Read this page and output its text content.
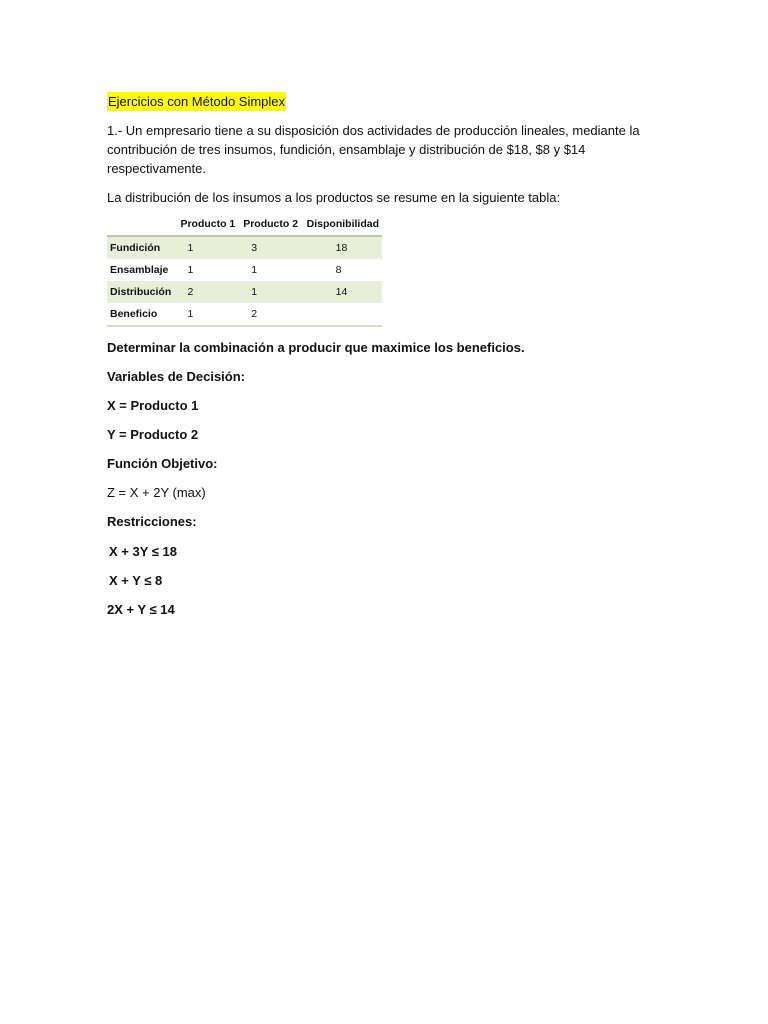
Ejercicios con Método Simplex

1.- Un empresario tiene a su disposición dos actividades de producción lineales, mediante la contribución de tres insumos, fundición, ensamblaje y distribución de $18, $8 y $14 respectivamente.

La distribución de los insumos a los productos se resume en la siguiente tabla:

	Producto 1	Producto 2	Disponibilidad
Fundición	1	3	18
Ensamblaje	1	1	8
Distribución	2	1	14
Beneficio	1	2	

Determinar la combinación a producir que maximice los beneficios.

Variables de Decisión:

X = Producto 1

Y = Producto 2

Función Objetivo:

Z = X + 2Y (max)

Restricciones:

X + 3Y ≤ 18

X + Y ≤ 8

2X + Y ≤ 14
